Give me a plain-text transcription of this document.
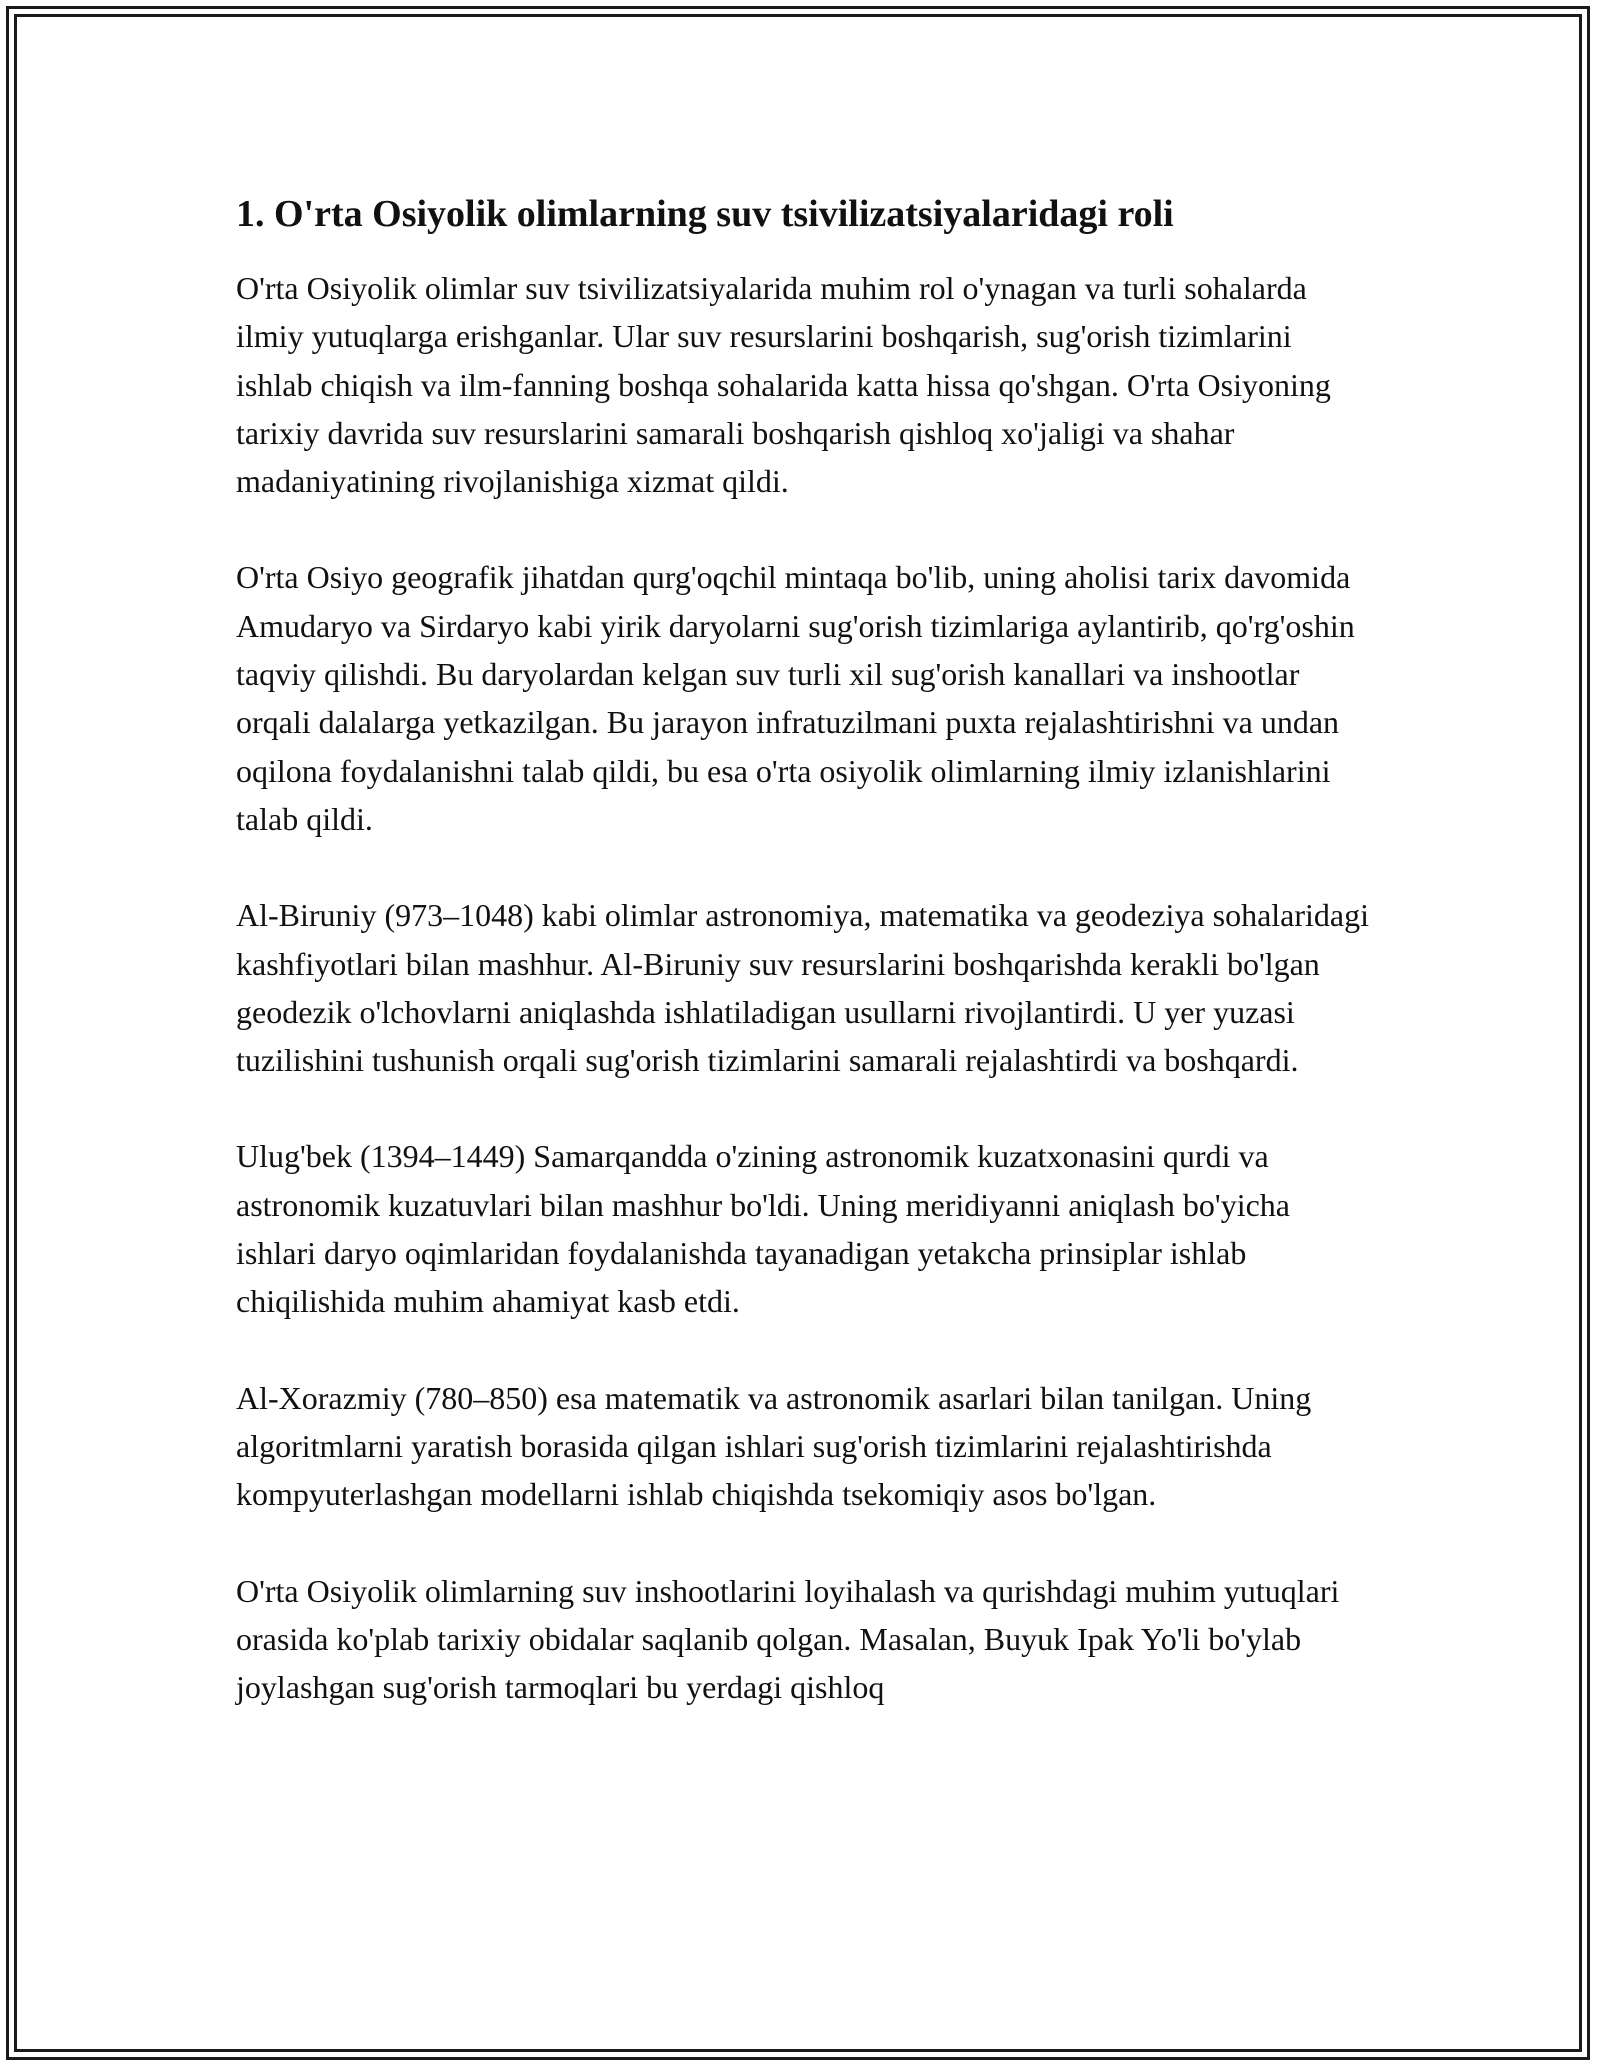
1. O'rta Osiyolik olimlarning suv tsivilizatsiyalaridagi roli

O'rta Osiyolik olimlar suv tsivilizatsiyalarida muhim rol o'ynagan va turli sohalarda ilmiy yutuqlarga erishganlar. Ular suv resurslarini boshqarish, sug'orish tizimlarini ishlab chiqish va ilm-fanning boshqa sohalarida katta hissa qo'shgan. O'rta Osiyoning tarixiy davrida suv resurslarini samarali boshqarish qishloq xo'jaligi va shahar madaniyatining rivojlanishiga xizmat qildi.

O'rta Osiyo geografik jihatdan qurg'oqchil mintaqa bo'lib, uning aholisi tarix davomida Amudaryo va Sirdaryo kabi yirik daryolarni sug'orish tizimlariga aylantirib, qo'rg'oshin taqviy qilishdi. Bu daryolardan kelgan suv turli xil sug'orish kanallari va inshootlar orqali dalalarga yetkazilgan. Bu jarayon infratuzilmani puxta rejalashtirishni va undan oqilona foydalanishni talab qildi, bu esa o'rta osiyolik olimlarning ilmiy izlanishlarini talab qildi.

Al-Biruniy (973–1048) kabi olimlar astronomiya, matematika va geodeziya sohalaridagi kashfiyotlari bilan mashhur. Al-Biruniy suv resurslarini boshqarishda kerakli bo'lgan geodezik o'lchovlarni aniqlashda ishlatiladigan usullarni rivojlantirdi. U yer yuzasi tuzilishini tushunish orqali sug'orish tizimlarini samarali rejalashtirdi va boshqardi.

Ulug'bek (1394–1449) Samarqandda o'zining astronomik kuzatxonasini qurdi va astronomik kuzatuvlari bilan mashhur bo'ldi. Uning meridiyanni aniqlash bo'yicha ishlari daryo oqimlaridan foydalanishda tayanadigan yetakcha prinsiplar ishlab chiqilishida muhim ahamiyat kasb etdi.

Al-Xorazmiy (780–850) esa matematik va astronomik asarlari bilan tanilgan. Uning algoritmlarni yaratish borasida qilgan ishlari sug'orish tizimlarini rejalashtirishda kompyuterlashgan modellarni ishlab chiqishda tsekomiqiy asos bo'lgan.

O'rta Osiyolik olimlarning suv inshootlarini loyihalash va qurishdagi muhim yutuqlari orasida ko'plab tarixiy obidalar saqlanib qolgan. Masalan, Buyuk Ipak Yo'li bo'ylab joylashgan sug'orish tarmoqlari bu yerdagi qishloq
